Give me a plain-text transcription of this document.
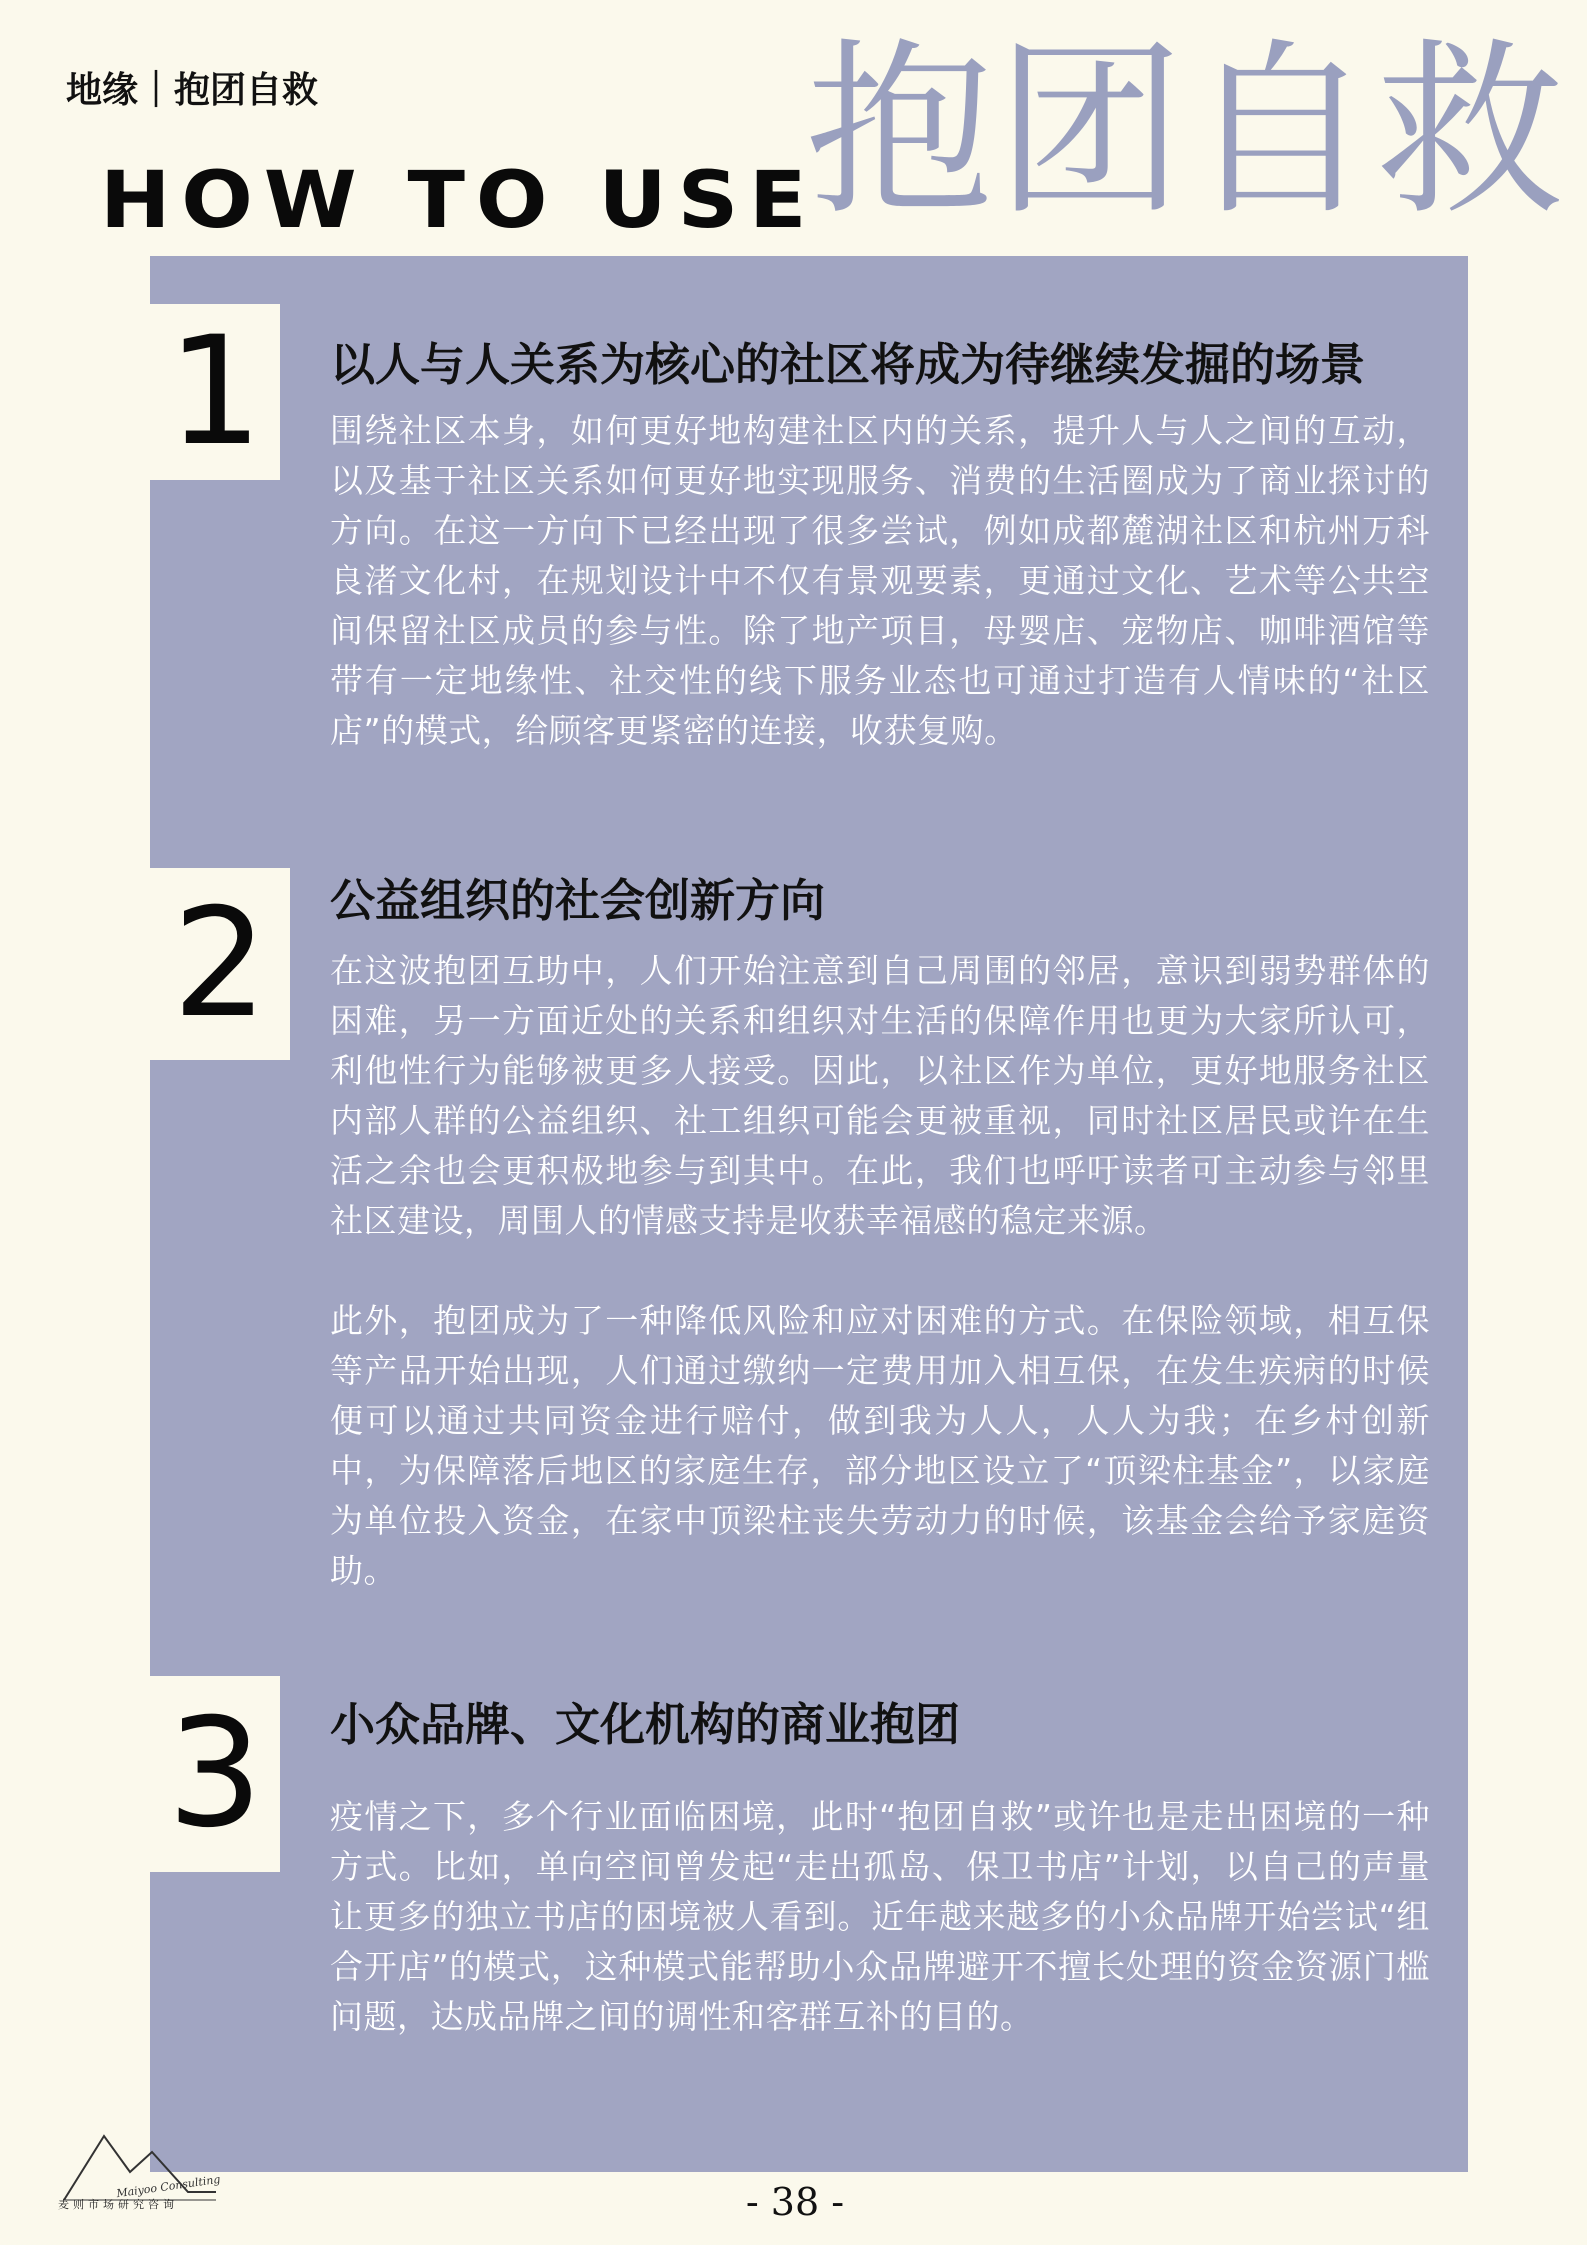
地缘｜抱团自救
HOW TO USE
抱团自救
1	以人与人关系为核心的社区将成为待继续发掘的场景

围绕社区本身，如何更好地构建社区内的关系，提升人与人之间的互动，以及基于社区关系如何更好地实现服务、消费的生活圈成为了商业探讨的方向。在这一方向下已经出现了很多尝试，例如成都麓湖社区和杭州万科良渚文化村，在规划设计中不仅有景观要素，更通过文化、艺术等公共空间保留社区成员的参与性。除了地产项目，母婴店、宠物店、咖啡酒馆等带有一定地缘性、社交性的线下服务业态也可通过打造有人情味的“社区店”的模式，给顾客更紧密的连接，收获复购。

2	公益组织的社会创新方向

在这波抱团互助中，人们开始注意到自己周围的邻居，意识到弱势群体的困难，另一方面近处的关系和组织对生活的保障作用也更为大家所认可，利他性行为能够被更多人接受。因此，以社区作为单位，更好地服务社区内部人群的公益组织、社工组织可能会更被重视，同时社区居民或许在生活之余也会更积极地参与到其中。在此，我们也呼吁读者可主动参与邻里社区建设，周围人的情感支持是收获幸福感的稳定来源。

此外，抱团成为了一种降低风险和应对困难的方式。在保险领域，相互保等产品开始出现，人们通过缴纳一定费用加入相互保，在发生疾病的时候便可以通过共同资金进行赔付，做到我为人人，人人为我；在乡村创新中，为保障落后地区的家庭生存，部分地区设立了“顶梁柱基金”，以家庭为单位投入资金，在家中顶梁柱丧失劳动力的时候，该基金会给予家庭资助。

3	小众品牌、文化机构的商业抱团

疫情之下，多个行业面临困境，此时“抱团自救”或许也是走出困境的一种方式。比如，单向空间曾发起“走出孤岛、保卫书店”计划，以自己的声量让更多的独立书店的困境被人看到。近年越来越多的小众品牌开始尝试“组合开店”的模式，这种模式能帮助小众品牌避开不擅长处理的资金资源门槛问题，达成品牌之间的调性和客群互补的目的。

Maiyoo Consulting
麦则市场研究咨询	- 38 -
